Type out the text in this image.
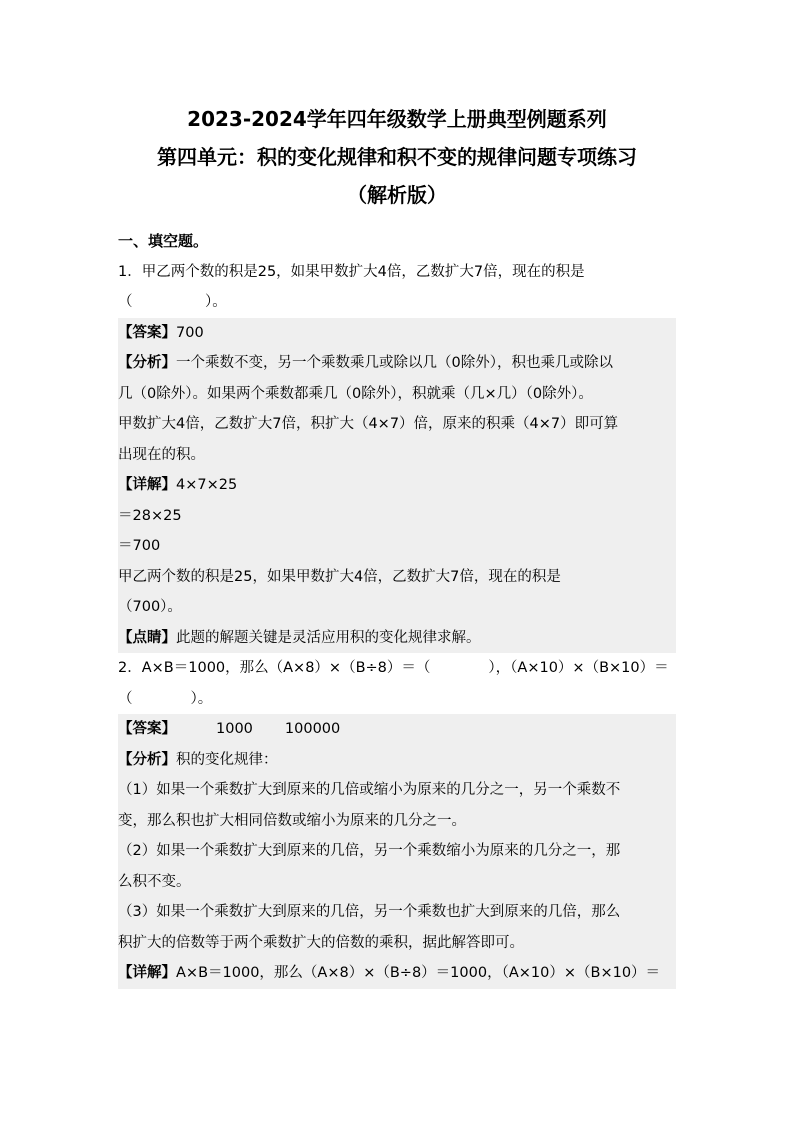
2023-2024学年四年级数学上册典型例题系列

第四单元：积的变化规律和积不变的规律问题专项练习

（解析版）

一、填空题。
1．甲乙两个数的积是25，如果甲数扩大4倍，乙数扩大7倍，现在的积是
（　　　　　）。
【答案】700
【分析】一个乘数不变，另一个乘数乘几或除以几（0除外），积也乘几或除以
几（0除外）。如果两个乘数都乘几（0除外），积就乘（几×几）（0除外）。
甲数扩大4倍，乙数扩大7倍，积扩大（4×7）倍，原来的积乘（4×7）即可算
出现在的积。
【详解】4×7×25
＝28×25
＝700
甲乙两个数的积是25，如果甲数扩大4倍，乙数扩大7倍，现在的积是
（700）。
【点睛】此题的解题关键是灵活应用积的变化规律求解。
2．A×B＝1000，那么（A×8）×（B÷8）＝（　　　　），（A×10）×（B×10）＝
（　　　　）。
【答案】	1000 100000
【分析】积的变化规律：
（1）如果一个乘数扩大到原来的几倍或缩小为原来的几分之一，另一个乘数不
变，那么积也扩大相同倍数或缩小为原来的几分之一。
（2）如果一个乘数扩大到原来的几倍，另一个乘数缩小为原来的几分之一，那
么积不变。
（3）如果一个乘数扩大到原来的几倍，另一个乘数也扩大到原来的几倍，那么
积扩大的倍数等于两个乘数扩大的倍数的乘积，据此解答即可。
【详解】A×B＝1000，那么（A×8）×（B÷8）＝1000，（A×10）×（B×10）＝
